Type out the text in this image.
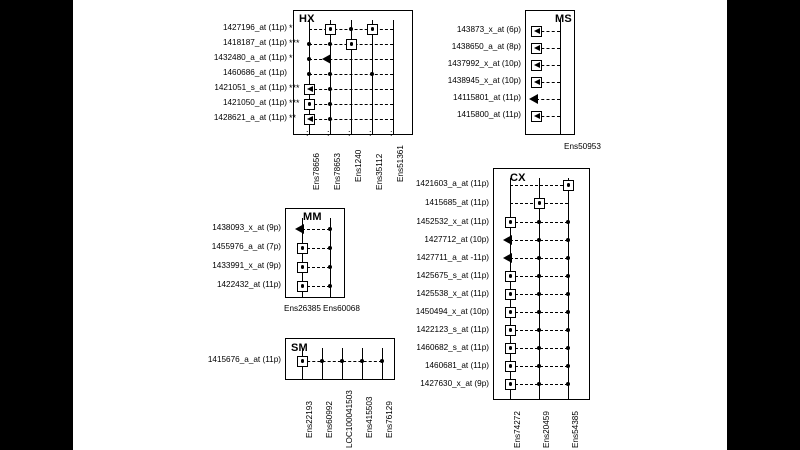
HX
1427196_at (11p) *
1418187_at (11p) ***
1432480_a_at (11p) *
1460686_at (11p)
1421051_s_at (11p) ***
1421050_at (11p) ***
1428621_a_at (11p) **
: : : : :
Ens78656 Ens78653 Ens1240 Ens35112 Ens51361
MS
143873_x_at (6p)
1438650_a_at (8p)
1437992_x_at (10p)
1438945_x_at (10p)
14115801_at (11p)
1415800_at (11p)
Ens50953
CX
1421603_a_at (11p)
1415685_at (11p)
1452532_x_at (11p)
1427712_at (10p)
1427711_a_at -11p)
1425675_s_at (11p)
1425538_x_at (11p)
1450494_x_at (10p)
1422123_s_at (11p)
1460682_s_at (11p)
1460681_at (11p)
1427630_x_at (9p)
Ens74272 Ens20459 Ens54385
MM
1438093_x_at (9p)
1455976_a_at (7p)
1433991_x_at (9p)
1422432_at (11p)
Ens26385 Ens60068
SM
1415676_a_at (11p)
Ens22193 Ens60992 LOC100041503 Ens415503 Ens76129
